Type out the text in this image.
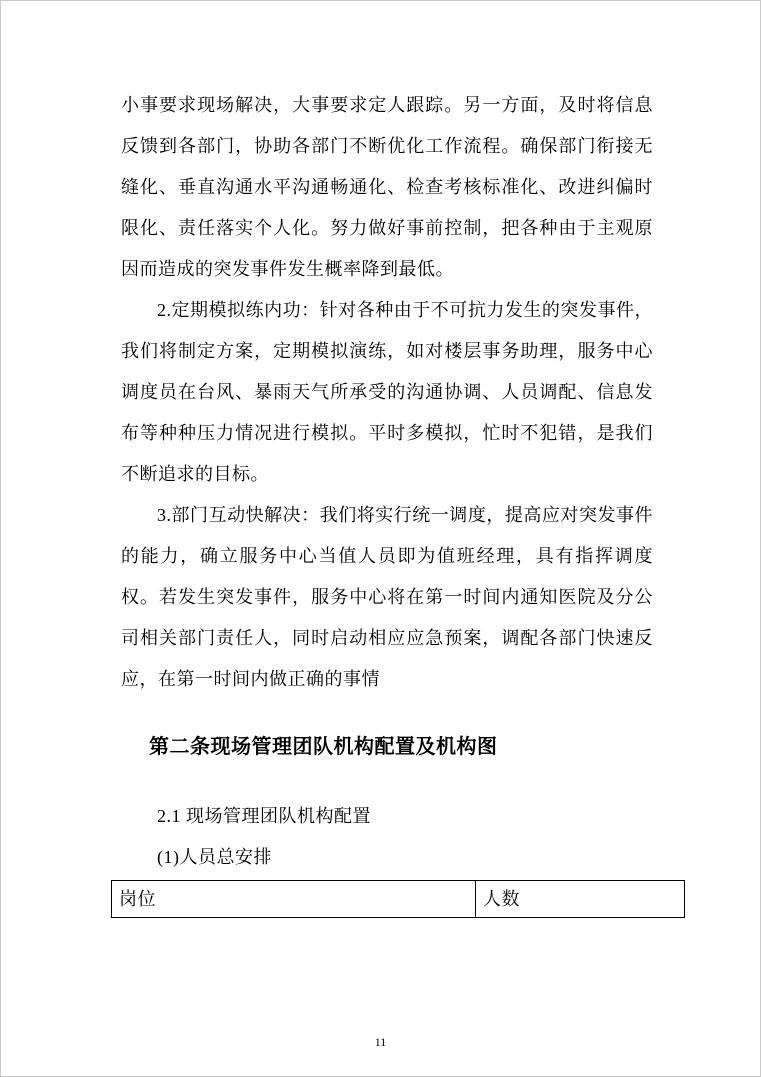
小事要求现场解决，大事要求定人跟踪。另一方面，及时将信息反馈到各部门，协助各部门不断优化工作流程。确保部门衔接无缝化、垂直沟通水平沟通畅通化、检查考核标准化、改进纠偏时限化、责任落实个人化。努力做好事前控制，把各种由于主观原因而造成的突发事件发生概率降到最低。

2.定期模拟练内功：针对各种由于不可抗力发生的突发事件，我们将制定方案，定期模拟演练，如对楼层事务助理，服务中心调度员在台风、暴雨天气所承受的沟通协调、人员调配、信息发布等种种压力情况进行模拟。平时多模拟，忙时不犯错，是我们不断追求的目标。

3.部门互动快解决：我们将实行统一调度，提高应对突发事件的能力，确立服务中心当值人员即为值班经理，具有指挥调度权。若发生突发事件，服务中心将在第一时间内通知医院及分公司相关部门责任人，同时启动相应应急预案，调配各部门快速反应，在第一时间内做正确的事情

第二条现场管理团队机构配置及机构图

2.1 现场管理团队机构配置

(1)人员总安排

岗位	人数
11
